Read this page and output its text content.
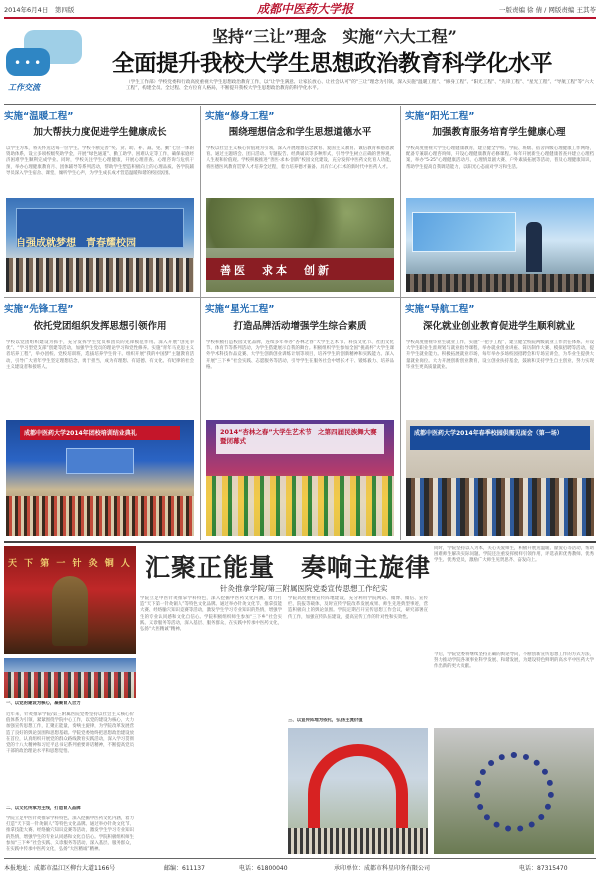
2014年6月4日　第四版	一版责编 徐 倩 / 网版责编 王其苓
成都中医药大学报
•••
工作交流
坚持“三让”理念　实施“六大工程”
全面提升我校大学生思想政治教育科学化水平
（学生工作部）学校党委和行政高度重视大学生思想政治教育工作，以“让学生满意、让家长放心、让社会认可”的“三让”理念为引领，深入实施“温暖工程”、“修身工程”、“阳光工程”、“先锋工程”、“星光工程”、“导航工程”等“六大工程”，构建全员、全过程、全方位育人格局，不断提升我校大学生思想政治教育的科学化水平。
实施“温暖工程”
加大帮扶力度促进学生健康成长
以学生为本，将关怀送达每一位学生。学校不断完善“奖、贷、助、补、减、免、勤”七位一体的资助体系，设立多项校级奖助学金，开展“绿色通道”、勤工助学、困难认定等工作，确保家庭经济困难学生顺利完成学业。同时，学校关注学生心理健康，开展心理普查、心理咨询与危机干预，举办心理健康教育月、团体辅导等系列活动，帮助学生塑造积极向上的心理品质。各学院辅导员深入学生宿舍、课堂，倾听学生心声，为学生成长成才营造温暖和谐的校园氛围。
实施“修身工程”
围绕理想信念和学生思想道德水平
学校以社会主义核心价值观为引领，深入开展理想信念教育、爱国主义教育、诚信教育和感恩教育。通过主题班会、团日活动、专题报告、经典诵读等多种形式，引导学生树立正确的世界观、人生观和价值观。学校积极推进“善医·求本·创新”校园文化建设，充分发挥中医药文化育人功能，将医德医风教育贯穿人才培养全过程，着力培养德才兼备、具有仁心仁术的新时代中医药人才。
实施“阳光工程”
加强教育服务培育学生健康心理
学校高度重视大学生心理健康教育，建立健全学校、学院、班级、宿舍四级心理健康工作网络，配备专兼职心理咨询师，开设心理健康教育必修课程。每年开展新生心理健康普查并建立心理档案，举办“5·25”心理健康活动月、心理情景剧大赛、户外素质拓展等活动，普及心理健康知识，帮助学生提高自我调适能力，以阳光心态面对学习和生活。
自强成就梦想　青春耀校园
善医　求本　创新
实施“先锋工程”
依托党团组织发挥思想引领作用
学校以党团组织建设为抓手，充分发挥学生党员和团员的先锋模范作用。深入开展“创先争优”、“学习型党支部”创建等活动，加强学生党员的理论学习和党性修养。实施“青年马克思主义者培养工程”，举办团校、党校培训班，选拔培养学生骨干。组织开展“我的中国梦”主题教育活动，引导广大青年学生坚定理想信念，勇于担当，成为有理想、有道德、有文化、有纪律的社会主义建设者和接班人。
实施“星光工程”
打造品牌活动增强学生综合素质
学校积极打造校园文化品牌，连续多年举办“杏林之春”大学生艺术节、科技文化节、社团文化节、体育节等系列活动，为学生搭建展示自我的舞台。积极组织学生参加全国“挑战杯”大学生课外学术科技作品竞赛、大学生创新创业训练计划等项目，培养学生的创新精神和实践能力。深入开展“三下乡”社会实践、志愿服务等活动，引导学生在服务社会中增长才干、锻炼毅力、培养品格。
实施“导航工程”
深化就业创业教育促进学生顺利就业
学校高度重视毕业生就业工作，实施“一把手工程”，建立健全校院两级就业工作责任体系。开设大学生职业生涯规划与就业指导课程，举办就业创业讲座、简历制作大赛、模拟招聘等活动，提升学生就业能力。积极拓展就业市场，每年举办多场校园招聘会和专场宣讲会，为毕业生提供大量就业岗位。大力开展创新创业教育，设立创业扶持基金，鼓励和支持学生自主创业，努力实现毕业生更高质量就业。
成都中医药大学2014年团校培训结业典礼	2014“杏林之春”大学生艺术节　之第四届民族舞大赛暨闭幕式
成都中医药大学2014年春季校园供需见面会（第一场）
汇聚正能量　奏响主旋律
针灸推拿学院/第三附属医院党委宣传思想工作纪实
天 下 第 一 针 灸 铜 人
一、以党的建设为核心，凝聚育人合力
近年来，针灸推拿学院/第三附属医院党委坚持以社会主义核心价值体系为引领，紧紧围绕学院中心工作，以党的建设为核心，大力加强宣传思想工作，汇聚正能量，奏响主旋律，为学院改革发展营造了良好的舆论氛围和思想基础。学院党委始终把思想政治建设放在首位，认真组织开展党的群众路线教育实践活动，深入学习贯彻党的十八大精神和习近平总书记系列重要讲话精神，不断提高党员干部的政治理论水平和思想觉悟。
二、以文化传承为主线，打造育人品牌
学院立足中医针灸推拿学科特色，深入挖掘中医药文化内涵，着力打造“天下第一针灸铜人”等特色文化品牌。通过举办针灸文化节、推拿技能大赛、经络腧穴知识竞赛等活动，激发学生学习专业知识的热情，增强学生的专业认同感和文化自信心。学院积极组织师生参加“三下乡”社会实践、义诊服务等活动，深入基层、服务群众，在实践中传承中医药文化，弘扬“大医精诚”精神。
学院立足中医针灸推拿学科特色，深入挖掘中医药文化内涵，着力打造“天下第一针灸铜人”等特色文化品牌。通过举办针灸文化节、推拿技能大赛、经络腧穴知识竞赛等活动，激发学生学习专业知识的热情，增强学生的专业认同感和文化自信心。学院积极组织师生参加“三下乡”社会实践、义诊服务等活动，深入基层、服务群众，在实践中传承中医药文化，弘扬“大医精诚”精神。
学院高度重视宣传阵地建设，充分利用学院网站、微博、微信、宣传栏、院报等载体，及时宣传学院改革发展成果、师生先进典型事迹，营造积极向上的舆论氛围。学院定期召开宣传思想工作会议，研究部署宣传工作，加强宣传队伍建设，提高宣传工作的针对性和实效性。
三、以宣传阵地为依托，弘扬主流价值
同时，学院坚持以人为本，关心关爱师生，积极开展送温暖、献爱心等活动，帮助困难师生解决实际问题。学院还注重发挥榜样引领作用，评选表彰优秀教师、优秀学生、优秀党员，激励广大师生见贤思齐、奋发向上。
今后，学院党委将继续坚持正确的舆论导向，不断创新宣传思想工作的方式方法，努力推动学院各项事业科学发展、和谐发展，为建设特色鲜明的高水平中医药大学作出新的更大贡献。
本报地址：成都市温江区柳台大道1166号	邮编：611137	电话：61800040	承印单位：成都市科星印务有限公司	电话：87315470
